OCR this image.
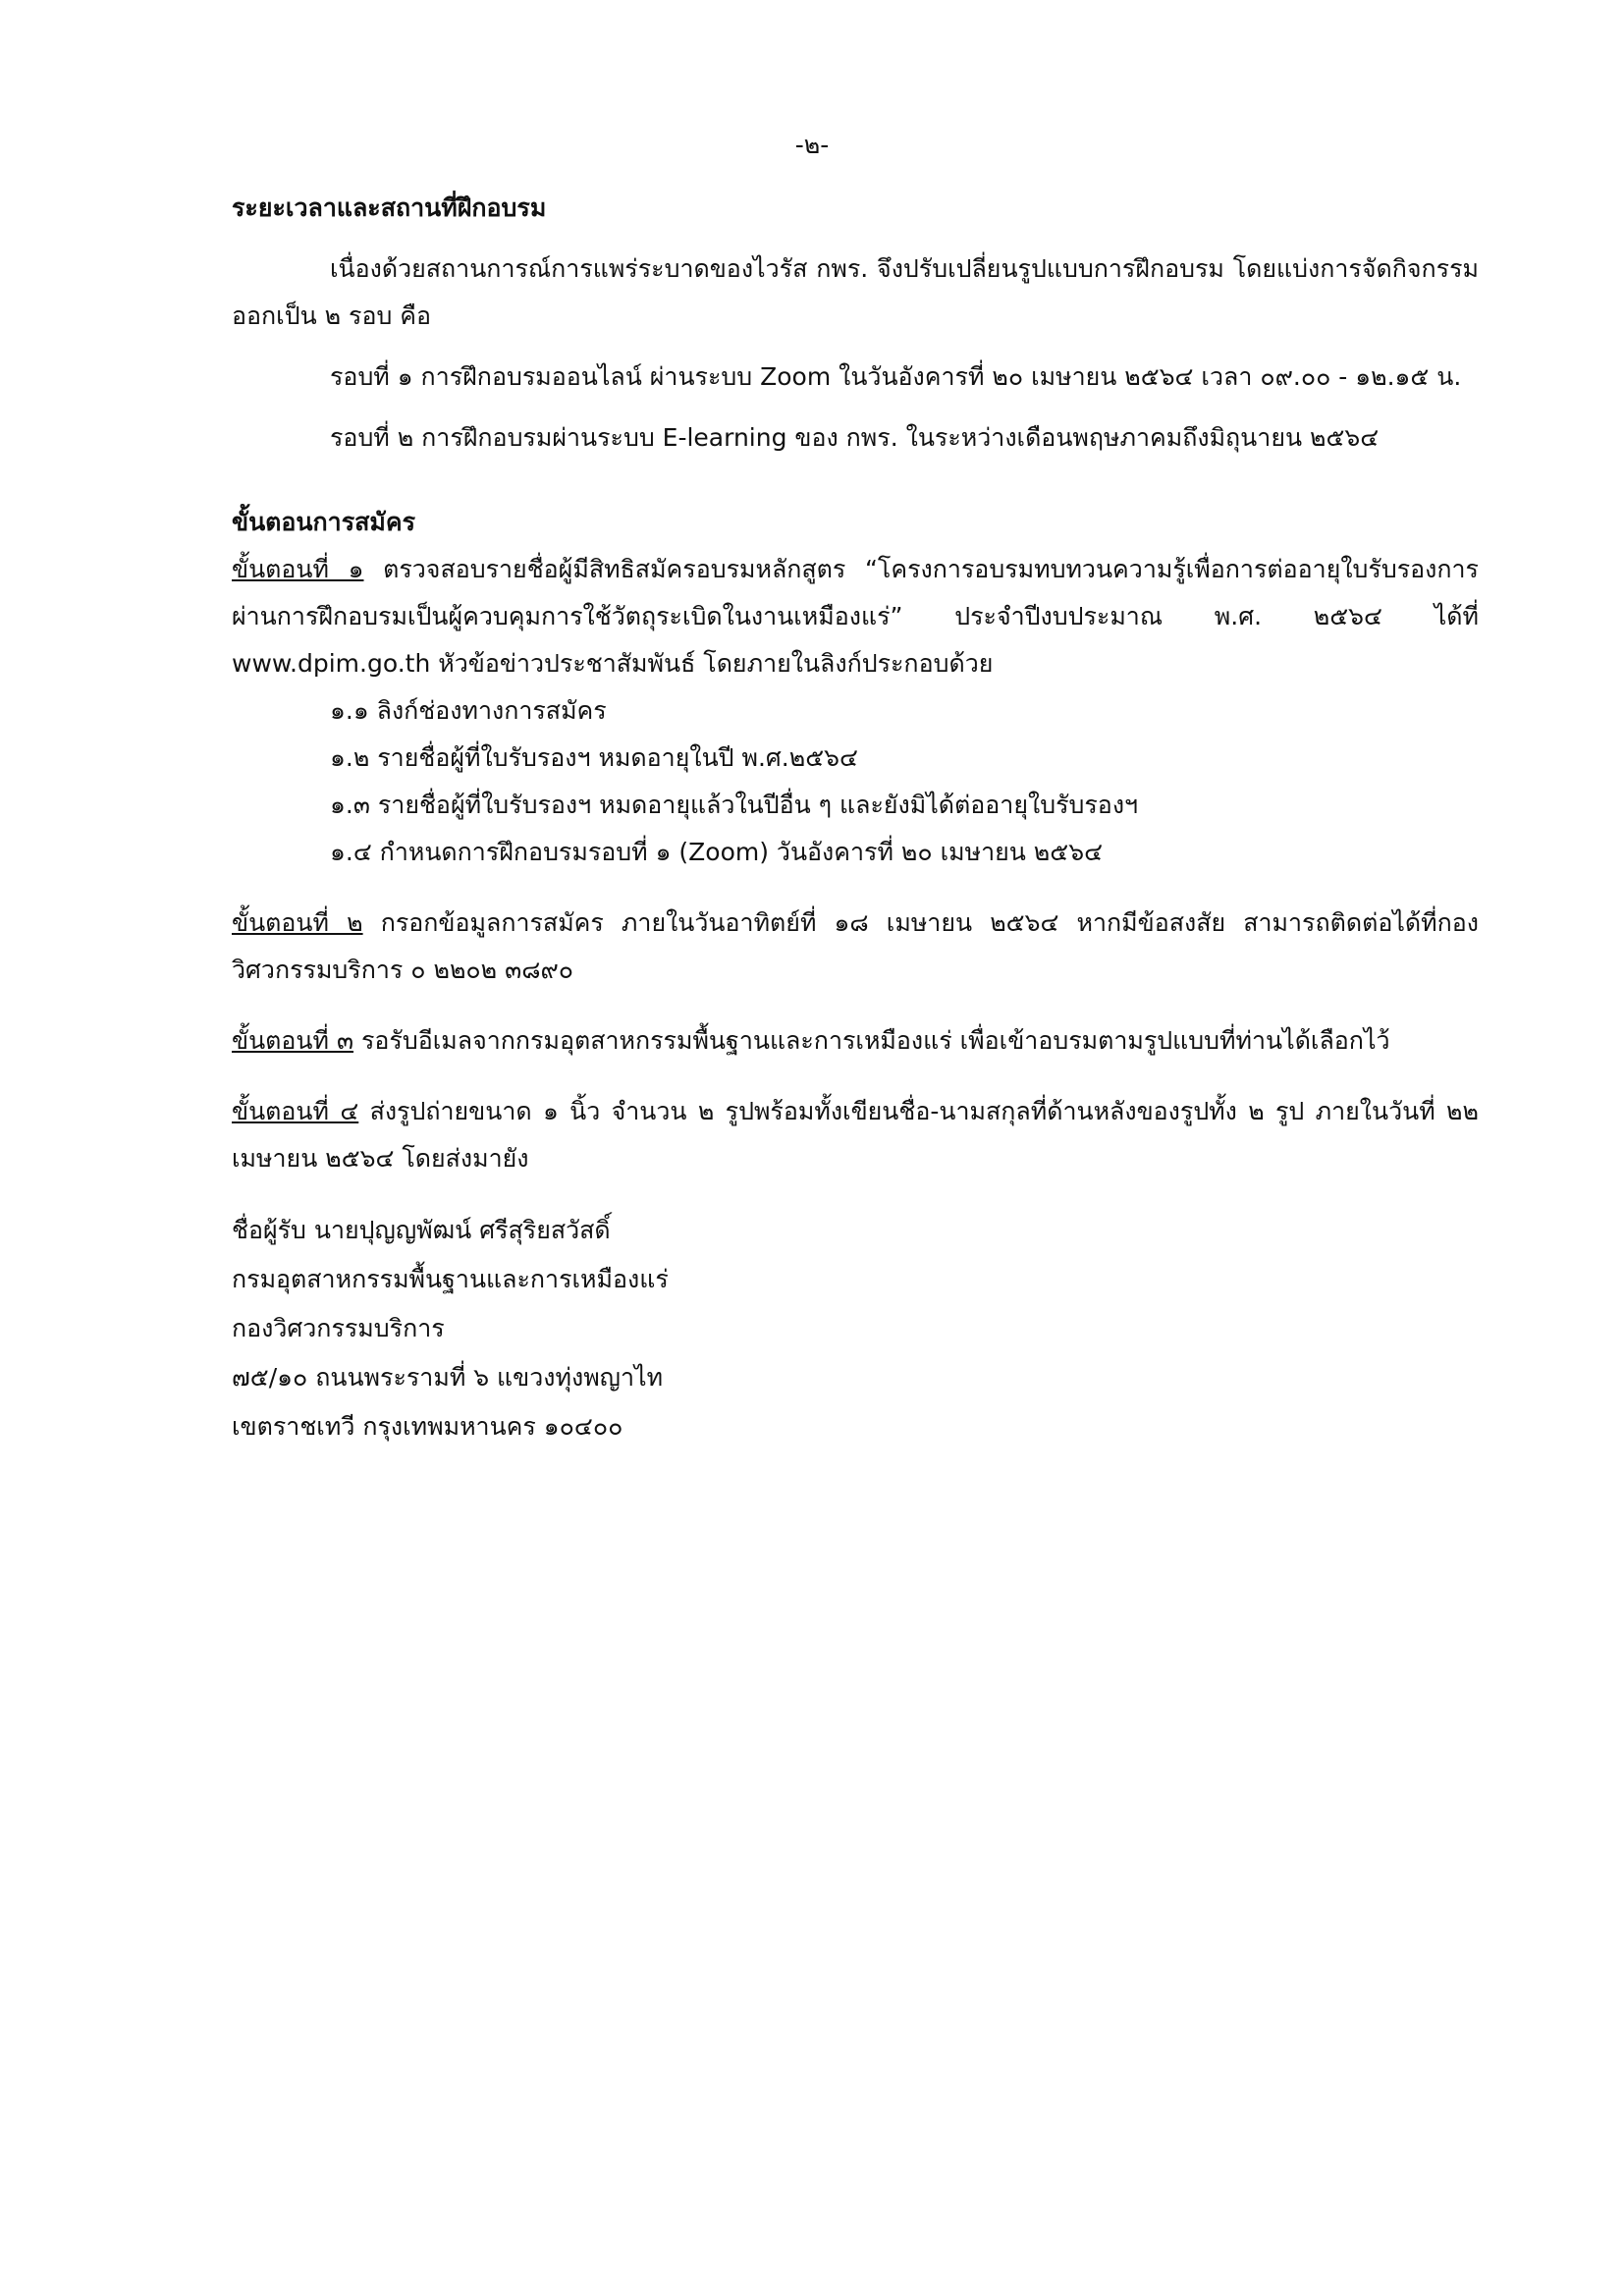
-๒-

ระยะเวลาและสถานที่ฝึกอบรม

เนื่องด้วยสถานการณ์การแพร่ระบาดของไวรัส กพร. จึงปรับเปลี่ยนรูปแบบการฝึกอบรม โดยแบ่งการจัดกิจกรรมออกเป็น ๒ รอบ คือ

รอบที่ ๑ การฝึกอบรมออนไลน์ ผ่านระบบ Zoom ในวันอังคารที่ ๒๐ เมษายน ๒๕๖๔ เวลา ๐๙.๐๐ - ๑๒.๑๕ น.

รอบที่ ๒ การฝึกอบรมผ่านระบบ E-learning ของ กพร. ในระหว่างเดือนพฤษภาคมถึงมิถุนายน ๒๕๖๔

ขั้นตอนการสมัคร

ขั้นตอนที่ ๑ ตรวจสอบรายชื่อผู้มีสิทธิสมัครอบรมหลักสูตร “โครงการอบรมทบทวนความรู้เพื่อการต่ออายุใบรับรองการผ่านการฝึกอบรมเป็นผู้ควบคุมการใช้วัตถุระเบิดในงานเหมืองแร่” ประจำปีงบประมาณ พ.ศ. ๒๕๖๔ ได้ที่ www.dpim.go.th หัวข้อข่าวประชาสัมพันธ์ โดยภายในลิงก์ประกอบด้วย

๑.๑ ลิงก์ช่องทางการสมัคร

๑.๒ รายชื่อผู้ที่ใบรับรองฯ หมดอายุในปี พ.ศ.๒๕๖๔

๑.๓ รายชื่อผู้ที่ใบรับรองฯ หมดอายุแล้วในปีอื่น ๆ และยังมิได้ต่ออายุใบรับรองฯ

๑.๔ กำหนดการฝึกอบรมรอบที่ ๑ (Zoom) วันอังคารที่ ๒๐ เมษายน ๒๕๖๔

ขั้นตอนที่ ๒ กรอกข้อมูลการสมัคร ภายในวันอาทิตย์ที่ ๑๘ เมษายน ๒๕๖๔ หากมีข้อสงสัย สามารถติดต่อได้ที่กองวิศวกรรมบริการ ๐ ๒๒๐๒ ๓๘๙๐

ขั้นตอนที่ ๓ รอรับอีเมลจากกรมอุตสาหกรรมพื้นฐานและการเหมืองแร่ เพื่อเข้าอบรมตามรูปแบบที่ท่านได้เลือกไว้

ขั้นตอนที่ ๔ ส่งรูปถ่ายขนาด ๑ นิ้ว จำนวน ๒ รูปพร้อมทั้งเขียนชื่อ-นามสกุลที่ด้านหลังของรูปทั้ง ๒ รูป ภายในวันที่ ๒๒ เมษายน ๒๕๖๔ โดยส่งมายัง

ชื่อผู้รับ นายปุญญพัฒน์ ศรีสุริยสวัสดิ์

กรมอุตสาหกรรมพื้นฐานและการเหมืองแร่

กองวิศวกรรมบริการ

๗๕/๑๐ ถนนพระรามที่ ๖ แขวงทุ่งพญาไท

เขตราชเทวี กรุงเทพมหานคร ๑๐๔๐๐
